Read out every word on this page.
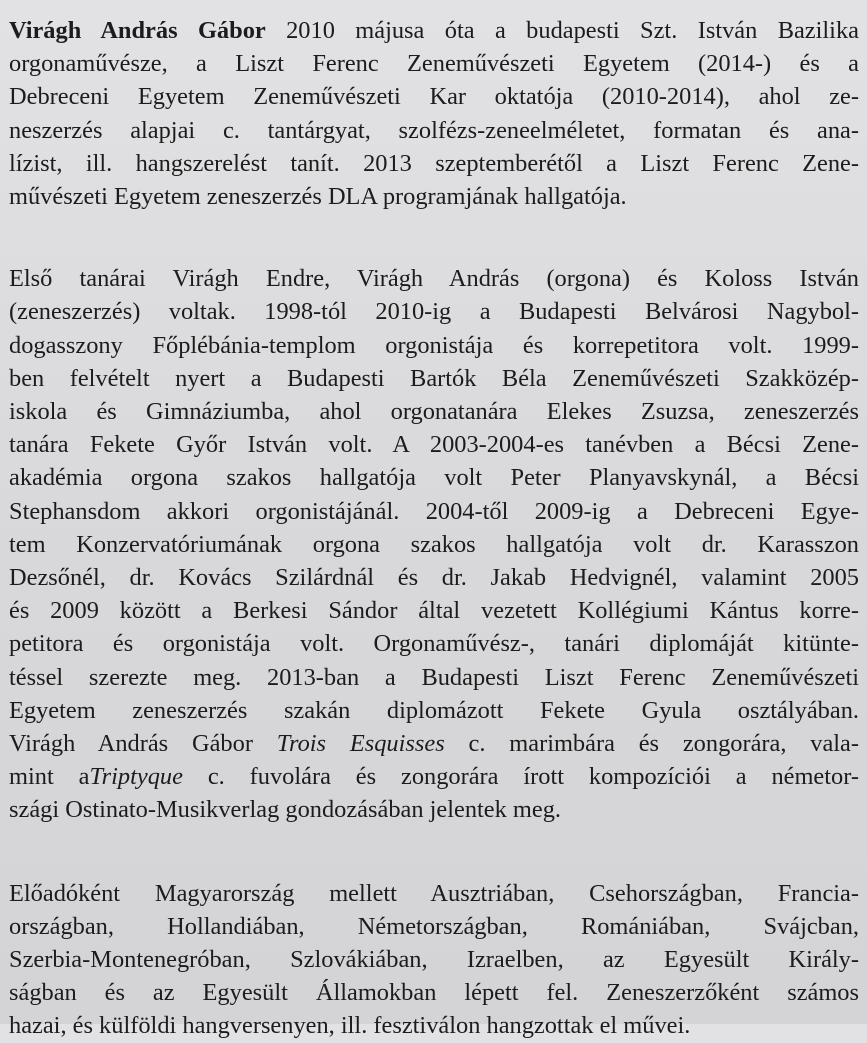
Virágh András Gábor 2010 májusa óta a budapesti Szt. István Bazilika
orgonaművésze, a Liszt Ferenc Zeneművészeti Egyetem (2014-) és a
Debreceni Egyetem Zeneművészeti Kar oktatója (2010-2014), ahol ze-
neszerzés alapjai c. tantárgyat, szolfézs-zeneelméletet, formatan és ana-
lízist, ill. hangszerelést tanít. 2013 szeptemberétől a Liszt Ferenc Zene-
művészeti Egyetem zeneszerzés DLA programjának hallgatója.
Első tanárai Virágh Endre, Virágh András (orgona) és Koloss István
(zeneszerzés) voltak. 1998-tól 2010-ig a Budapesti Belvárosi Nagybol-
dogasszony Főplébánia-templom orgonistája és korrepetitora volt. 1999-
ben felvételt nyert a Budapesti Bartók Béla Zeneművészeti Szakközép-
iskola és Gimnáziumba, ahol orgonatanára Elekes Zsuzsa, zeneszerzés
tanára Fekete Győr István volt. A 2003-2004-es tanévben a Bécsi Zene-
akadémia orgona szakos hallgatója volt Peter Planyavskynál, a Bécsi
Stephansdom akkori orgonistájánál. 2004-től 2009-ig a Debreceni Egye-
tem Konzervatóriumának orgona szakos hallgatója volt dr. Karasszon
Dezsőnél, dr. Kovács Szilárdnál és dr. Jakab Hedvignél, valamint 2005
és 2009 között a Berkesi Sándor által vezetett Kollégiumi Kántus korre-
petitora és orgonistája volt. Orgonaművész-, tanári diplomáját kitünte-
téssel szerezte meg. 2013-ban a Budapesti Liszt Ferenc Zeneművészeti
Egyetem zeneszerzés szakán diplomázott Fekete Gyula osztályában.
Virágh András Gábor Trois Esquisses c. marimbára és zongorára, vala-
mint aTriptyque c. fuvolára és zongorára írott kompozíciói a németor-
szági Ostinato-Musikverlag gondozásában jelentek meg.
Előadóként Magyarország mellett Ausztriában, Csehországban, Francia-
országban, Hollandiában, Németországban, Romániában, Svájcban,
Szerbia-Montenegróban, Szlovákiában, Izraelben, az Egyesült Király-
ságban és az Egyesült Államokban lépett fel. Zeneszerzőként számos
hazai, és külföldi hangversenyen, ill. fesztiválon hangzottak el művei.
